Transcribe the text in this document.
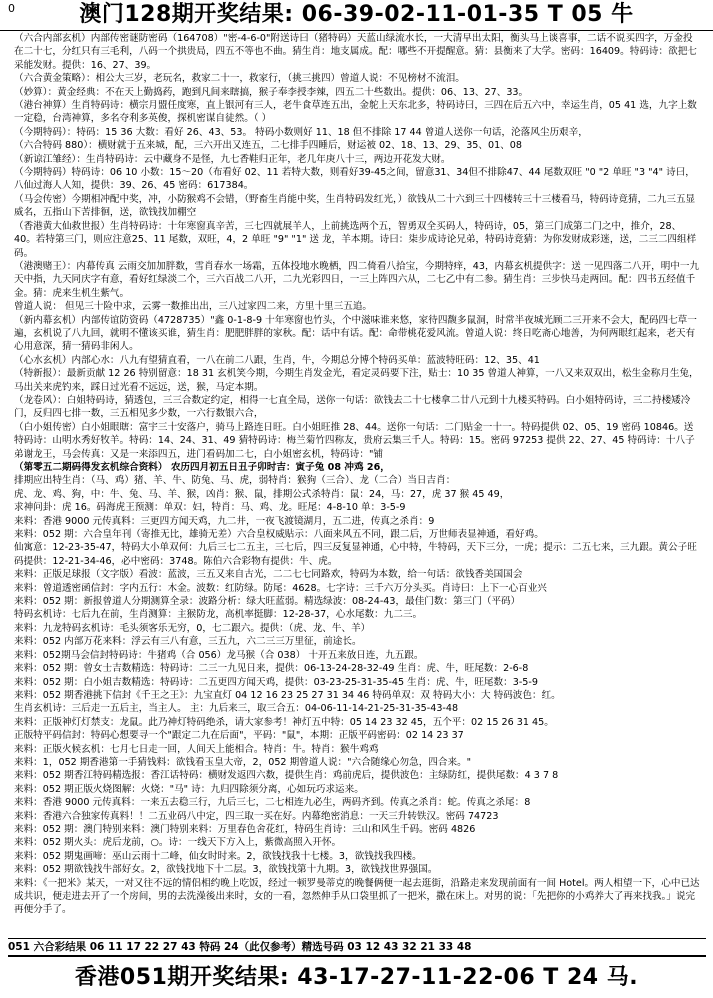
0	澳门128期开奖结果: 06-39-02-11-01-35 T 05 牛

（六合内部玄机）内部传密谜防密码（164708）"密-4-6-0"附送诗曰（猪特码）天蓝山绿流水长，一大清早出太阳，衡头马上谈喜事，二话不说买四字，万金投在二十七，分红只有三毛利，八码一个拱贵局，四五不等也不曲。猜生肖：地支属成。配：哪些不开提醒意。猜：县衡来了大学。密码：16409。特码诗：欲把七采能发财。提供：16、27、39。

（六合黄金策略）：相公大三岁，老玩名，救家二十一，救家行，（挑三挑四）曾道人说：不见榜材不流泪。

（妙算）：黄金经典：不在天上勤捣药，跑到凡间来瞎搞，猴子奉李授李辣，四五二十些数出。提供：06、13、27、33。

（港台神算）生肖特码诗：横宗月盟任度寒，直上银河有三人，老牛食草连五出，金鸵上天东北多，特码诗曰，三四在后五六中，幸运生肖，05 41 选，九字上数一定稳，台湾神算，多名夺利多英俊，探机密谋自徒然。（ ）

（今期特码）：特码：15 36 大数：看好 26、43、53。 特码小数则好 11、18 但不排除 17 44 曾道人送你一句话，沦落风尘历艰辛，

（六合特码 880）：横财就于五来城，配，三六开出又连五，二七排手四睡后，财运被 02、18、13、29、35、01、08

（新谅江雏经）：生肖特码诗：云中藏身不是怪，九七香鞋归正年，老几年庚八十三，两边开花发大财。

（今期特码）特码诗：06 10 小数：15～20（布看好 02、11 若特大数，则看好39-45之间，留意31、34但不排除47、44 尾数双旺 "0 "2 单旺 "3 "4" 诗曰，八仙过海人人知，提供：39、26、45 密码：617384。

（马会传密）今期相冲配中奖，冲，小防猴鸡不会错，（野畜生肖能中奖，生肖特码发红光，）欲钱从二十六到三十四楼转三十三楼看马，特码诗竟猜，二九三五显威名，五指山下苦排徊，送，欲钱找加棚空

（香港黄大仙救世报）生肖特码诗：十年寒窗真辛苦，三七四就展羊人，上前挑选两个五，智勇双全买码人，特码诗，05，第三门成第二门之中，推介，28、40。若特第三门，则应注意25、11 尾数，双旺，4，2 单旺 "9" "1" 送 龙，羊本期。诗曰：柒步成诗论兄弟，特码诗竟猜：为你发财成彩迷，送，二三二四组样码。

（港澳赌王）：内幕传真 云雨交加加胖数，雪肖春水一场霜，五体投地水晚栖，四二倚看八拾宝，今期特痒，43，内幕玄机提供字：送 一见四落二八开，明中一九天中指，九天同庆字有意，看好红绿淡二个，三六百战二八开，二九光彩四日，一三上阵四六从，二七乙中有二参。猜生肖：三步快马走两回。配：四书五经值千金。猜：虎来生机生紫气。

曾道人说： 但见三十险中求，云雾一数推出出，三八过家四二来，方里十里三五追。

（新内幕玄机）内部传谊防资码（4728735）"鑫 0-1-8-9 十年寒窗也竹头，个中滋味谁来悠，家待四馥多鼠洞，时常半夜城光顾二三开来不会大，配码四七草一遍，玄机说了八九回，就明不懂该买谁，猜生肖：肥肥胖胖的家秋。配：话中有话。配：命带桃花爱风流。曾道人说：终日吃斋心地善，为何两眼红起来，老天有心用意深，猜一猜码非闲人。

（心水玄机）内部心水：八九有望猜直看，一八在前二八跟，生肖，牛，今期总分博个特码买单：蓝波特旺码：12、35、41

（特新报）：最新贡献 12 26 特别留意：18 31 玄机笑今期，今期生肖发金光，看定灵码要下注，贴士：10 35 曾道人神算，一八又来双双出，松生金称月生兔，马出关来虎钓来，踩日过光看不远远，送，猴，马定本期。

（龙卷风）：白姐特码诗，猜透包，三三合数定约定，相得一七直全局，送你一句话：欲钱去二十七楼拿二廿八元到十九楼买特码。白小姐特码诗，三二持楼矮冷门，反归四七排一数，三五相见多少数，一六行数银六合，

（白小姐传密）白小姐眼瞎：富宇三十安落户，骑马上路连日旺。白小姐旺推 28、44。送你一句话：二门贴金一十一。特码提供 02、05、19 密码 10846。送特码诗：山明水秀好牧羊。特码：14、24、31、49 猜特码诗：梅兰菊竹四称友，贵府云集三千人。特码：15。密码 97253 提供 22、27、45 特码诗：十八子弟谢龙王，马会传真：又是一来添四五，进门看码加二七，白小姐密玄机，特码诗："铺

（第零五二期码得发玄机综合资料） 农历四月初五日丑子卯时吉：寅子兔 08 冲鸡 26，

排期应出特生肖：（马、鸡）猪、羊、牛、防兔、马、虎，弱特肖：猴狗（三合）、龙（二合）当日吉肖：

虎、龙、鸡、狗，中：牛、兔、马、羊、猴，凶肖：猴、鼠，排期公式杀特肖：鼠：24，马：27，虎 37 猴 45 49，

求神问卦：虎 16。码海虎王预测：单双：妇，特肖：马、鸡、龙。旺尾：4-8-10 单：3-5-9

来料：香港 9000 元传真料：三更四方闻天鸡，九二井，一夜飞渡镜湖月，五二进，传真之杀肖：9

来料：052 期：六合皇年刊（寄推无比，雄骑无差）六合皇权威贴示：八面来风五不同，跟二后，万世师表显神通，看好鸡。

仙寓意：12-23-35-47，特码大小单双何：九后三七二五主，三七后，四三反复显神通，心中特，牛特码，天下三分，一虎；提示：二五七来，三九跟。黄公子旺码提供：12-21-34-46，必中密码：3748。陈伯六合彩物有提供：牛、虎。

来料：正版足球报（文字版）看波：蓝波，三五又来自古光，二二七七同路欢，特码为本数，给一句话：欲钱香美国国会

来料：曾道透密函信封：字内五行：木金。波数：红防绿。防尾：4628。七字诗：三千六万分头买。肖诗曰：上下一心百业兴

来料：052 期：新报曾道人分期测算全录：波路分析：绿大旺蓝弱。精选绿波：08-24-43，最佳门数：第三门（平码）

特码玄机诗：七后九在前，生肖测算：主猴防龙，高机率挺脚：12-28-37，心水尾数：九二三。

来料：九龙特码玄机诗：毛头须客乐无穷，0，七二跟六。提供：（虎、龙、牛、羊）

来料：052 内部万花来料：浮云有三八有意，三五九，六二三三万里征，前途长。

来料：052期马会信封特码诗：牛猪鸡（合 056）龙马猴（合 038） 十开五来放日连，九五跟。

来料：052 期：曾女士吉数精选：特码诗：二三一九见日来，提供：06-13-24-28-32-49 生肖：虎、牛，旺尾数：2-6-8

来料：052 期：白小姐吉数精选：特码诗：二五更四方闻天鸡，提供：03-23-25-31-35-45 生肖：虎、牛，旺尾数：3-5-9

来料：052 期香港挑下信封《千王之王》：九宝直灯 04 12 16 23 25 27 31 34 46 特码单双：双 特码大小：大 特码波色：红。

生肖玄机诗：三后走一五后主，当主人。 主：九后来三，取三合五：04-06-11-14-21-25-31-35-43-48

来料：正版神灯灯禁支：龙鼠。此乃神灯特码绝杀，请大家参考！神灯五中特：05 14 23 32 45，五个平：02 15 26 31 45。

正版特平码信封：特码心想要寻一个"跟定二九在后面"，平码："鼠"，本期：正版平码密码：02 14 23 37

来料：正版火候玄机：七月七日走一回，人间天上能相合。特肖：牛。特肖：猴牛鸡鸡

来料：1，052 期香港第一手猜钱料：欲钱看玉皇大帝，2，052 期曾道人说："六合随缘心勿急，四合来。"

来料：052 期香江特码精选报：香江话特码：横财发返四六数，提供生肖：鸡前虎后，提供波色：主绿防红，提供尾数：4 3 7 8

来料：052 期正版火烧图解：火烧："马" 诗：九归四除须分离，心如玩巧求运来。

来料：香港 9000 元传真料：一来五去稳三行，九后三七，二七相连九必生，两码齐到。传真之杀肖：蛇。传真之杀尾：8

来料：香港六合独家传真料！！二五业码八中定，四三取一买在好。内幕绝密消息：一天三升转铁汉。密码 74723

来料：052 期：澳门特别来料：澳门特别来料：万里春色舍花红，特码生肖诗：三山和风生千码。密码 4826

来料：052 期火头：虎后龙前，○。诗：一线天下方入上，紫微高照入开怀。

来料：052 期鬼画啼：巫山云雨十二峰，仙女时时来。2，欲钱找我十七楼。3，欲钱找我四楼。

来料：052 期欲钱找牛部好女。2，欲钱找地下十二层。3，欲钱找第十九期。3，欲钱找世界强国。

来料：《一把米》某天，一对又往不远的情侣相约晚上吃饭，经过一顿罗曼蒂克的晚餐俩便一起去逛街，沿路走来发现前面有一间 Hotel。两人相望一下，心中已达成共识，便走进去开了一个房间，男的去洗澡後出来时，女的一看，忽然伸手从口袋里抓了一把米，撒在床上。对男的说：「先把你的小鸡养大了再来找我。」说完再便分手了。

051 六合彩结果 06 11 17 22 27 43 特码 24（此仅参考）精选号码 03 12 43 32 21 33 48
香港051期开奖结果: 43-17-27-11-22-06 T 24 马.
